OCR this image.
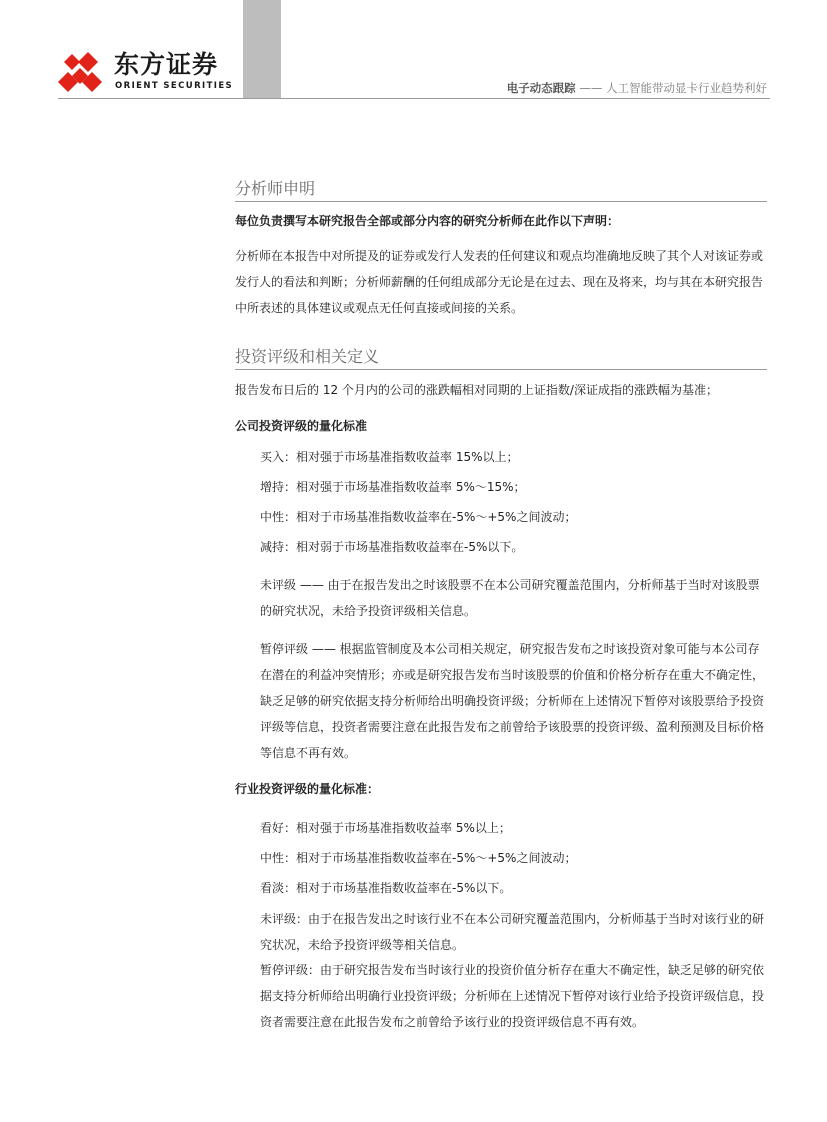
东方证券
ORIENT SECURITIES	电子动态跟踪 —— 人工智能带动显卡行业趋势利好
分析师申明
每位负责撰写本研究报告全部或部分内容的研究分析师在此作以下声明：
分析师在本报告中对所提及的证券或发行人发表的任何建议和观点均准确地反映了其个人对该证券或发行人的看法和判断；分析师薪酬的任何组成部分无论是在过去、现在及将来，均与其在本研究报告中所表述的具体建议或观点无任何直接或间接的关系。
投资评级和相关定义
报告发布日后的 12 个月内的公司的涨跌幅相对同期的上证指数/深证成指的涨跌幅为基准；
公司投资评级的量化标准
买入：相对强于市场基准指数收益率 15%以上；
增持：相对强于市场基准指数收益率 5%～15%；
中性：相对于市场基准指数收益率在-5%～+5%之间波动；
减持：相对弱于市场基准指数收益率在-5%以下。
未评级 —— 由于在报告发出之时该股票不在本公司研究覆盖范围内，分析师基于当时对该股票的研究状况，未给予投资评级相关信息。
暂停评级 —— 根据监管制度及本公司相关规定，研究报告发布之时该投资对象可能与本公司存在潜在的利益冲突情形；亦或是研究报告发布当时该股票的价值和价格分析存在重大不确定性，缺乏足够的研究依据支持分析师给出明确投资评级；分析师在上述情况下暂停对该股票给予投资评级等信息，投资者需要注意在此报告发布之前曾给予该股票的投资评级、盈利预测及目标价格等信息不再有效。
行业投资评级的量化标准：
看好：相对强于市场基准指数收益率 5%以上；
中性：相对于市场基准指数收益率在-5%～+5%之间波动；
看淡：相对于市场基准指数收益率在-5%以下。
未评级：由于在报告发出之时该行业不在本公司研究覆盖范围内，分析师基于当时对该行业的研究状况，未给予投资评级等相关信息。
暂停评级：由于研究报告发布当时该行业的投资价值分析存在重大不确定性，缺乏足够的研究依据支持分析师给出明确行业投资评级；分析师在上述情况下暂停对该行业给予投资评级信息，投资者需要注意在此报告发布之前曾给予该行业的投资评级信息不再有效。
